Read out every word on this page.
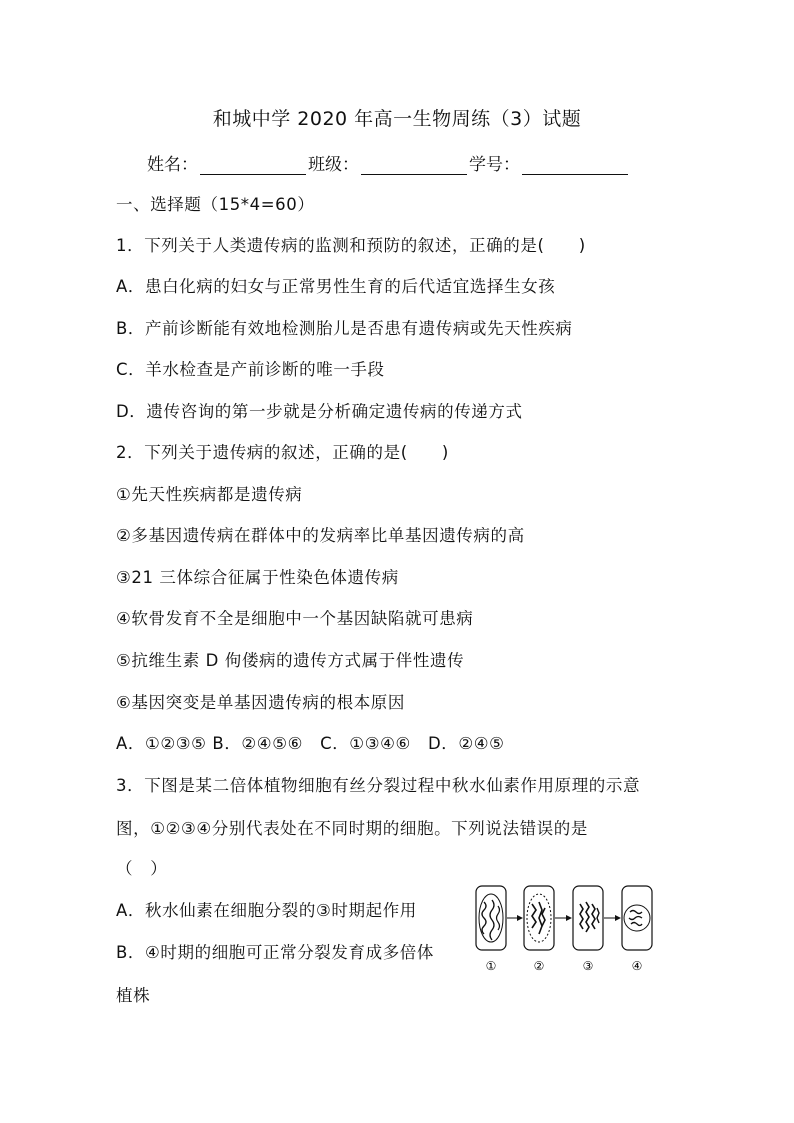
和城中学 2020 年高一生物周练（3）试题
姓名：	班级：	学号：
一、选择题（15*4=60）
1．下列关于人类遗传病的监测和预防的叙述，正确的是(　　)
A．患白化病的妇女与正常男性生育的后代适宜选择生女孩
B．产前诊断能有效地检测胎儿是否患有遗传病或先天性疾病
C．羊水检查是产前诊断的唯一手段
D．遗传咨询的第一步就是分析确定遗传病的传递方式
2．下列关于遗传病的叙述，正确的是(　　)
①先天性疾病都是遗传病
②多基因遗传病在群体中的发病率比单基因遗传病的高
③21 三体综合征属于性染色体遗传病
④软骨发育不全是细胞中一个基因缺陷就可患病
⑤抗维生素 D 佝偻病的遗传方式属于伴性遗传
⑥基因突变是单基因遗传病的根本原因
A．①②③⑤ B．②④⑤⑥　C．①③④⑥　D．②④⑤
3．下图是某二倍体植物细胞有丝分裂过程中秋水仙素作用原理的示意
图，①②③④分别代表处在不同时期的细胞。下列说法错误的是
（　）
A．秋水仙素在细胞分裂的③时期起作用
B．④时期的细胞可正常分裂发育成多倍体
植株
①	②	③	④
